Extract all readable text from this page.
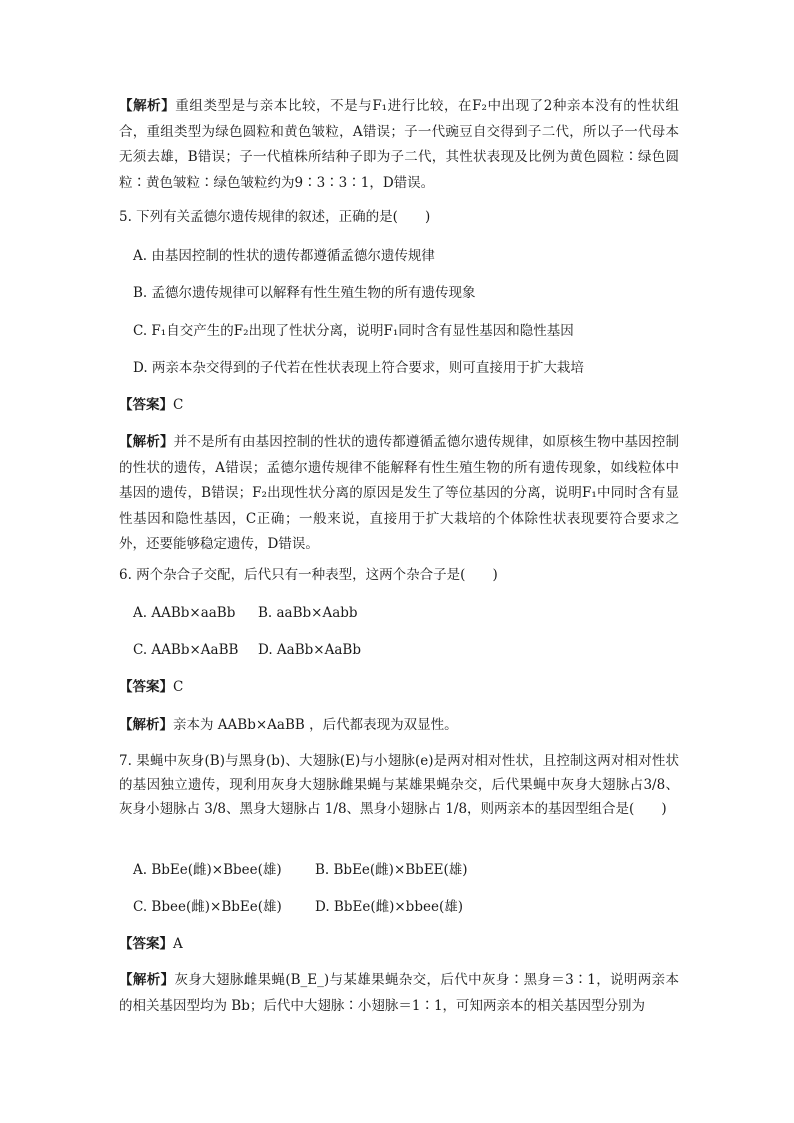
【解析】重组类型是与亲本比较，不是与F₁进行比较，在F₂中出现了2种亲本没有的性状组合，重组类型为绿色圆粒和黄色皱粒，A错误；子一代豌豆自交得到子二代，所以子一代母本无须去雄，B错误；子一代植株所结种子即为子二代，其性状表现及比例为黄色圆粒∶绿色圆粒∶黄色皱粒∶绿色皱粒约为9∶3∶3∶1，D错误。

5. 下列有关孟德尔遗传规律的叙述，正确的是(　　)
A. 由基因控制的性状的遗传都遵循孟德尔遗传规律
B. 孟德尔遗传规律可以解释有性生殖生物的所有遗传现象
C. F₁自交产生的F₂出现了性状分离，说明F₁同时含有显性基因和隐性基因
D. 两亲本杂交得到的子代若在性状表现上符合要求，则可直接用于扩大栽培
【答案】C

【解析】并不是所有由基因控制的性状的遗传都遵循孟德尔遗传规律，如原核生物中基因控制的性状的遗传，A错误；孟德尔遗传规律不能解释有性生殖生物的所有遗传现象，如线粒体中基因的遗传，B错误；F₂出现性状分离的原因是发生了等位基因的分离，说明F₁中同时含有显性基因和隐性基因，C正确；一般来说，直接用于扩大栽培的个体除性状表现要符合要求之外，还要能够稳定遗传，D错误。

6. 两个杂合子交配，后代只有一种表型，这两个杂合子是(　　)
A. AABb×aaBb B. aaBb×Aabb
C. AABb×AaBB D. AaBb×AaBb
【答案】C
【解析】亲本为 AABb×AaBB ，后代都表现为双显性。

7. 果蝇中灰身(B)与黑身(b)、大翅脉(E)与小翅脉(e)是两对相对性状，且控制这两对相对性状的基因独立遗传，现利用灰身大翅脉雌果蝇与某雄果蝇杂交，后代果蝇中灰身大翅脉占3/8、灰身小翅脉占 3/8、黑身大翅脉占 1/8、黑身小翅脉占 1/8，则两亲本的基因型组合是(　　)

A. BbEe(雌)×Bbee(雄) B. BbEe(雌)×BbEE(雄)
C. Bbee(雌)×BbEe(雄) D. BbEe(雌)×bbee(雄)
【答案】A

【解析】灰身大翅脉雌果蝇(B_E_)与某雄果蝇杂交，后代中灰身∶黑身＝3∶1，说明两亲本的相关基因型均为 Bb；后代中大翅脉∶小翅脉＝1∶1，可知两亲本的相关基因型分别为
